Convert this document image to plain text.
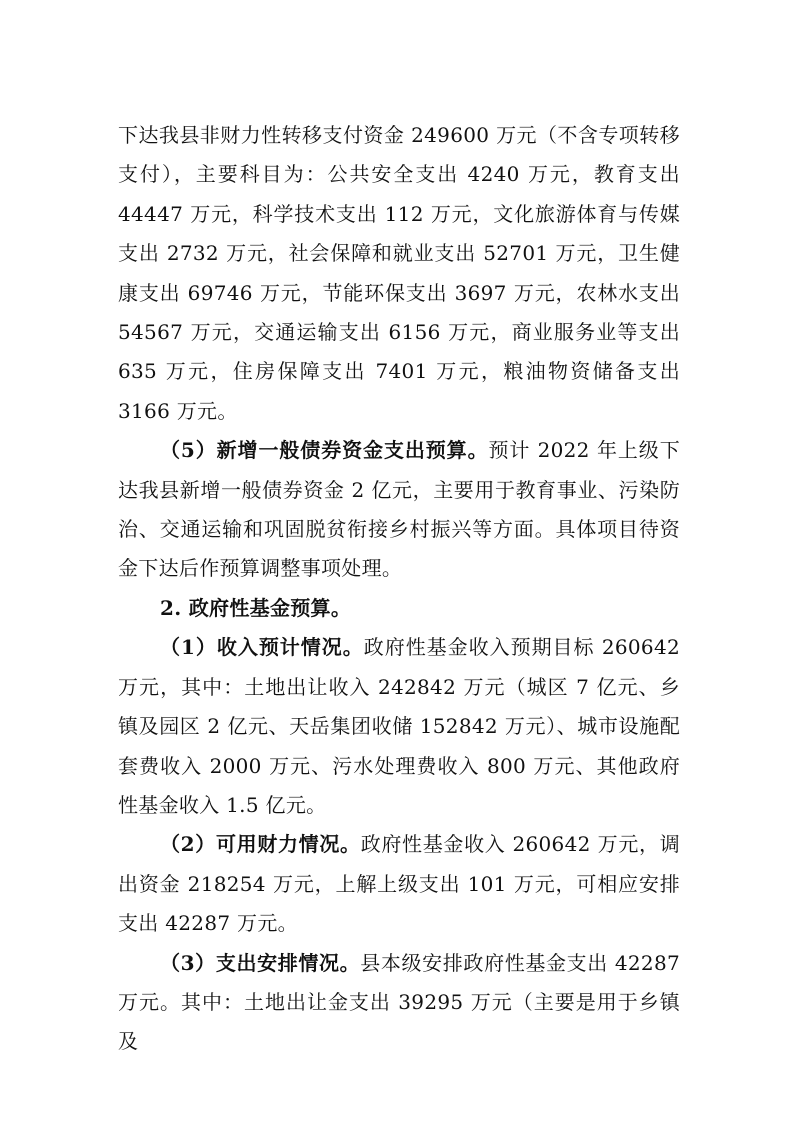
下达我县非财力性转移支付资金 249600 万元（不含专项转移支付），主要科目为：公共安全支出 4240 万元，教育支出 44447 万元，科学技术支出 112 万元，文化旅游体育与传媒支出 2732 万元，社会保障和就业支出 52701 万元，卫生健康支出 69746 万元，节能环保支出 3697 万元，农林水支出 54567 万元，交通运输支出 6156 万元，商业服务业等支出 635 万元，住房保障支出 7401 万元，粮油物资储备支出 3166 万元。

（5）新增一般债券资金支出预算。预计 2022 年上级下达我县新增一般债券资金 2 亿元，主要用于教育事业、污染防治、交通运输和巩固脱贫衔接乡村振兴等方面。具体项目待资金下达后作预算调整事项处理。

2. 政府性基金预算。

（1）收入预计情况。政府性基金收入预期目标 260642 万元，其中：土地出让收入 242842 万元（城区 7 亿元、乡镇及园区 2 亿元、天岳集团收储 152842 万元）、城市设施配套费收入 2000 万元、污水处理费收入 800 万元、其他政府性基金收入 1.5 亿元。

（2）可用财力情况。政府性基金收入 260642 万元，调出资金 218254 万元，上解上级支出 101 万元，可相应安排支出 42287 万元。

（3）支出安排情况。县本级安排政府性基金支出 42287 万元。其中：土地出让金支出 39295 万元（主要是用于乡镇及
